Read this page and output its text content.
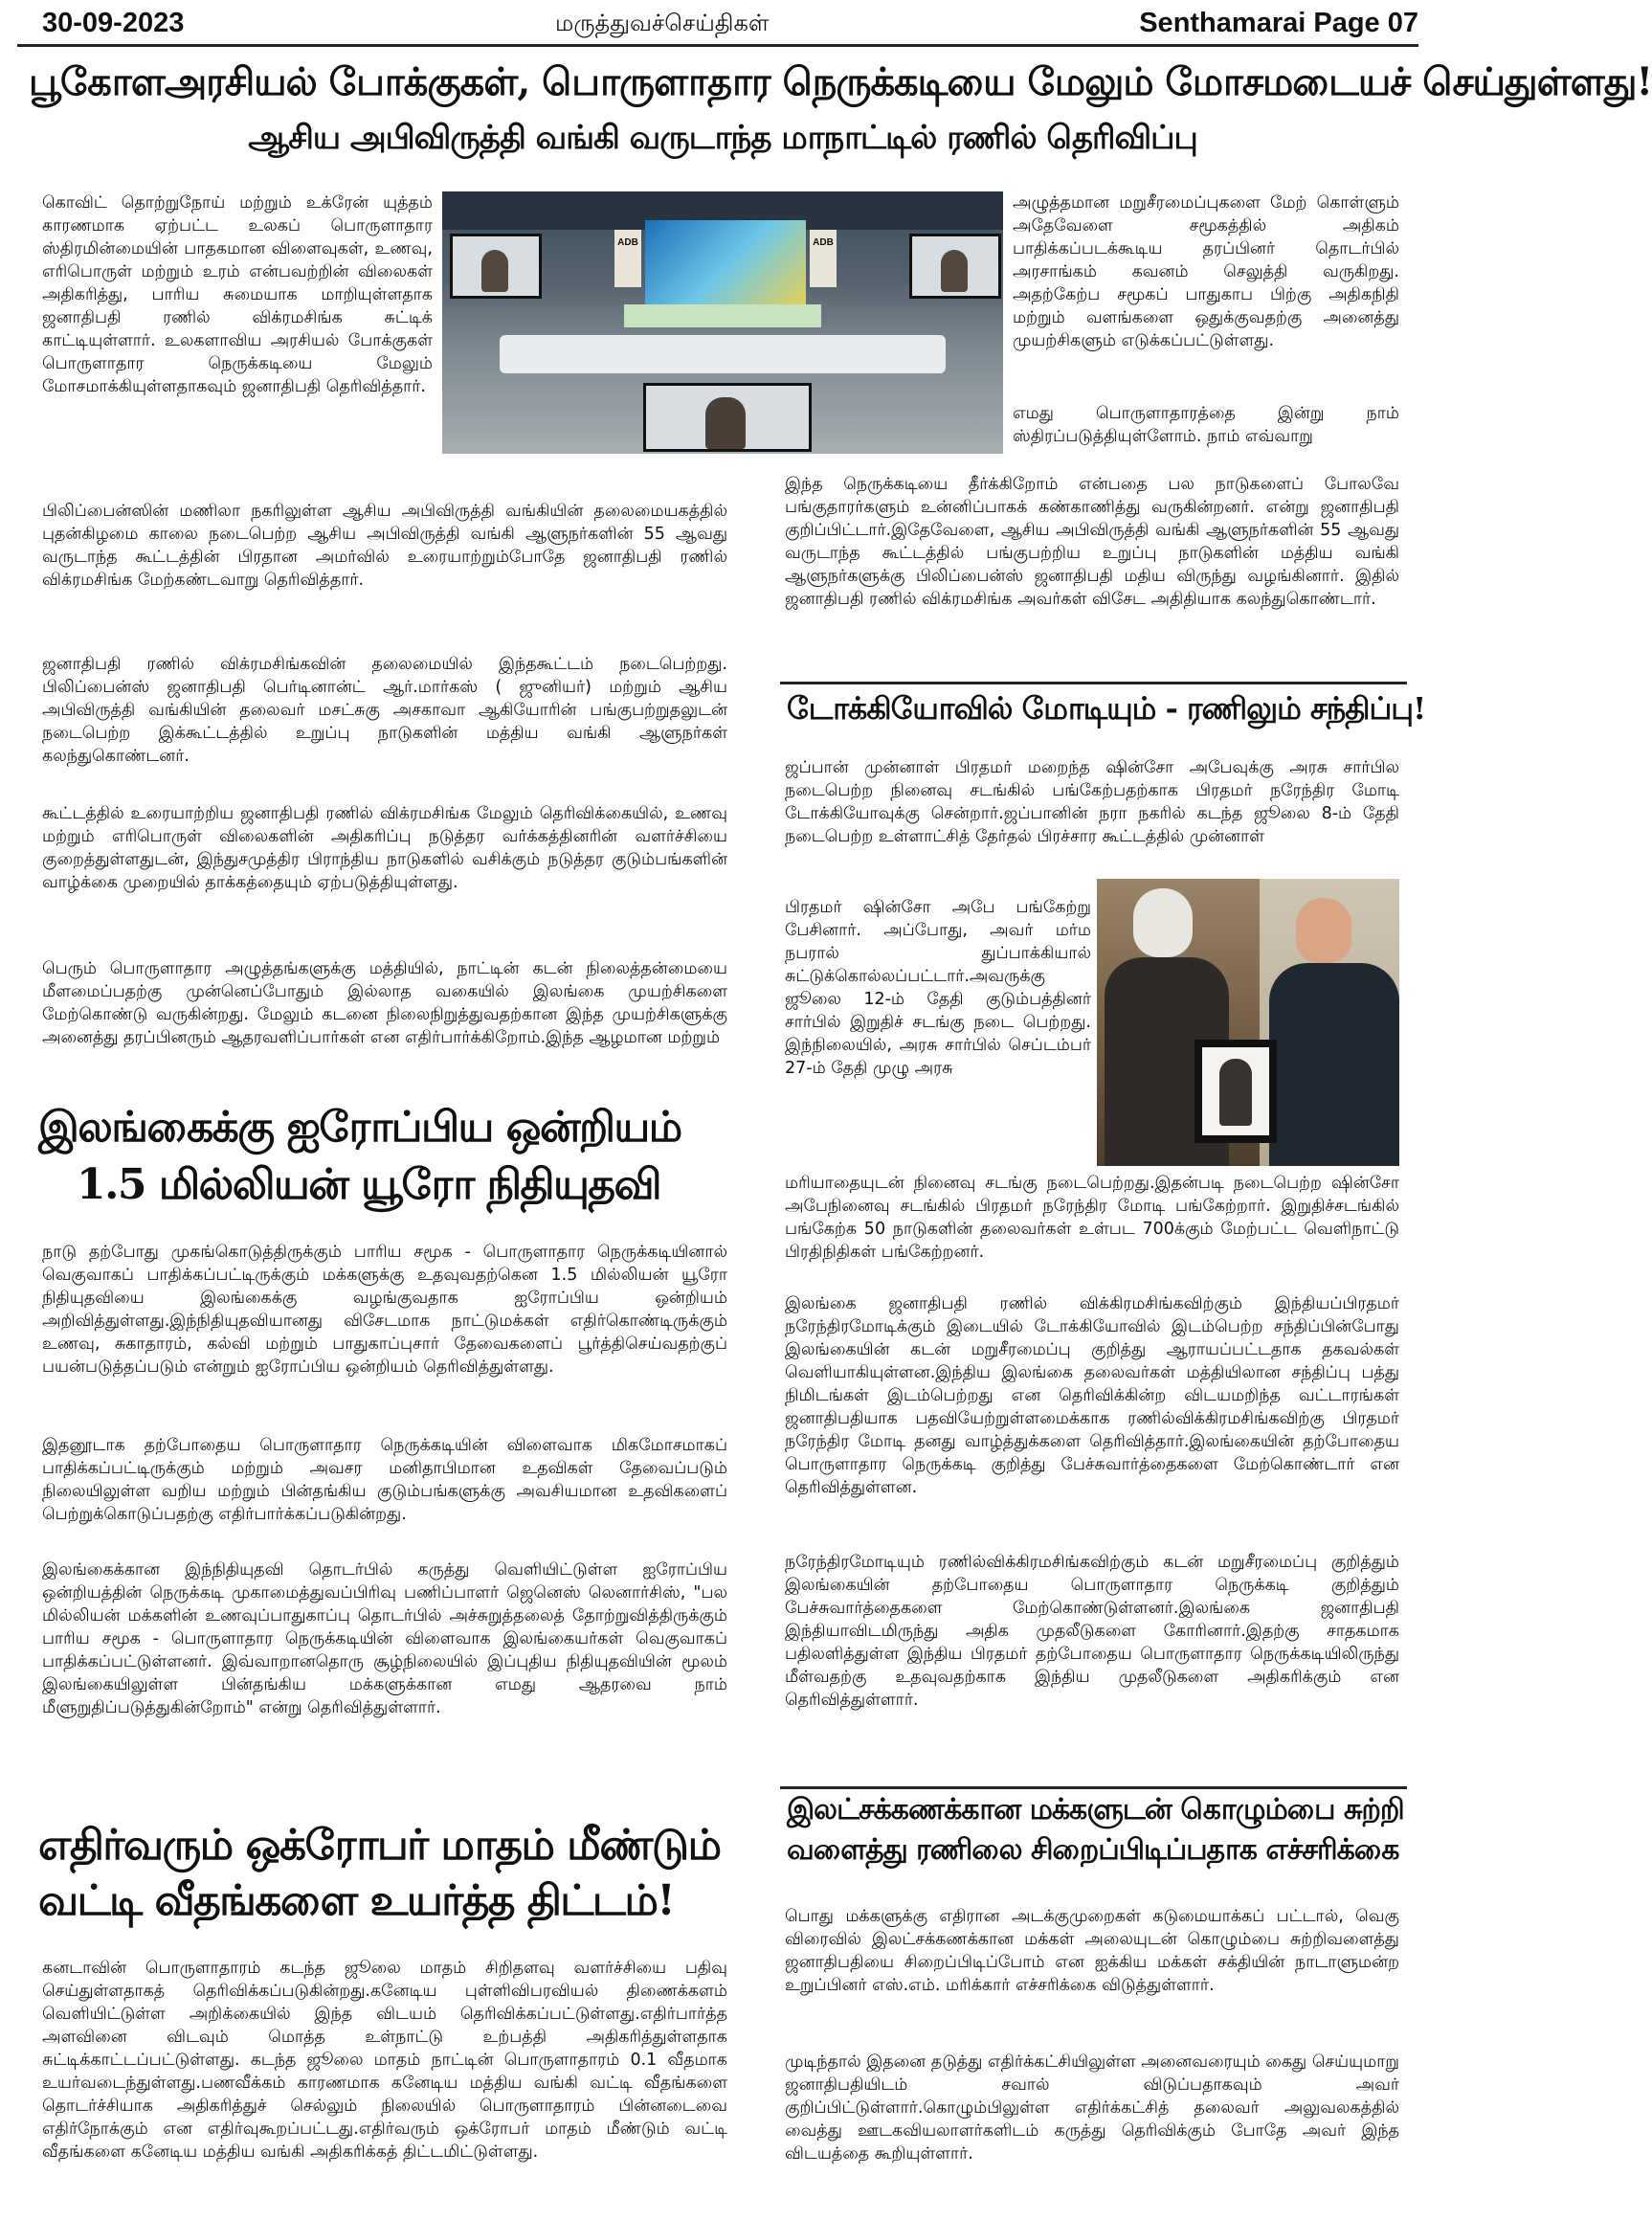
30-09-2023	மருத்துவச்செய்திகள்	Senthamarai Page 07
பூகோளஅரசியல் போக்குகள், பொருளாதார நெருக்கடியை மேலும் மோசமடையச் செய்துள்ளது!
ஆசிய அபிவிருத்தி வங்கி வருடாந்த மாநாட்டில் ரணில் தெரிவிப்பு

கொவிட் தொற்றுநோய் மற்றும் உக்ரேன் யுத்தம் காரணமாக ஏற்பட்ட உலகப் பொருளாதார ஸ்திரமின்மையின் பாதகமான விளைவுகள், உணவு, எரிபொருள் மற்றும் உரம் என்பவற்றின் விலைகள் அதிகரித்து, பாரிய சுமையாக மாறியுள்ளதாக ஜனாதிபதி ரணில் விக்ரமசிங்க சுட்டிக் காட்டியுள்ளார். உலகளாவிய அரசியல் போக்குகள் பொருளாதார நெருக்கடியை மேலும் மோசமாக்கியுள்ளதாகவும் ஜனாதிபதி தெரிவித்தார்.

ADB	ADB

பிலிப்பைன்ஸின் மணிலா நகரிலுள்ள ஆசிய அபிவிருத்தி வங்கியின் தலைமையகத்தில் புதன்கிழமை காலை நடைபெற்ற ஆசிய அபிவிருத்தி வங்கி ஆளுநர்களின் 55 ஆவது வருடாந்த கூட்டத்தின் பிரதான அமர்வில் உரையாற்றும்போதே ஜனாதிபதி ரணில் விக்ரமசிங்க மேற்கண்டவாறு தெரிவித்தார்.

ஜனாதிபதி ரணில் விக்ரமசிங்கவின் தலைமையில் இந்தகூட்டம் நடைபெற்றது. பிலிப்பைன்ஸ் ஜனாதிபதி பெர்டினான்ட் ஆர்.மார்கஸ் ( ஜுனியர்) மற்றும் ஆசிய அபிவிருத்தி வங்கியின் தலைவர் மசட்சுகு அசகாவா ஆகியோரின் பங்குபற்றுதலுடன் நடைபெற்ற இக்கூட்டத்தில் உறுப்பு நாடுகளின் மத்திய வங்கி ஆளுநர்கள் கலந்துகொண்டனர்.

கூட்டத்தில் உரையாற்றிய ஜனாதிபதி ரணில் விக்ரமசிங்க மேலும் தெரிவிக்கையில், உணவு மற்றும் எரிபொருள் விலைகளின் அதிகரிப்பு நடுத்தர வர்க்கத்தினரின் வளர்ச்சியை குறைத்துள்ளதுடன், இந்துசமுத்திர பிராந்திய நாடுகளில் வசிக்கும் நடுத்தர குடும்பங்களின் வாழ்க்கை முறையில் தாக்கத்தையும் ஏற்படுத்தியுள்ளது.

பெரும் பொருளாதார அழுத்தங்களுக்கு மத்தியில், நாட்டின் கடன் நிலைத்தன்மையை மீளமைப்பதற்கு முன்னெப்போதும் இல்லாத வகையில் இலங்கை முயற்சிகளை மேற்கொண்டு வருகின்றது. மேலும் கடனை நிலைநிறுத்துவதற்கான இந்த முயற்சிகளுக்கு அனைத்து தரப்பினரும் ஆதரவளிப்பார்கள் என எதிர்பார்க்கிறோம்.இந்த ஆழமான மற்றும்

அழுத்தமான மறுசீரமைப்புகளை மேற் கொள்ளும் அதேவேளை சமூகத்தில் அதிகம் பாதிக்கப்படக்கூடிய தரப்பினர் தொடர்பில் அரசாங்கம் கவனம் செலுத்தி வருகிறது. அதற்கேற்ப சமூகப் பாதுகாப பிற்கு அதிகநிதி மற்றும் வளங்களை ஒதுக்குவதற்கு அனைத்து முயற்சிகளும் எடுக்கப்பட்டுள்ளது.

எமது பொருளாதாரத்தை இன்று நாம் ஸ்திரப்படுத்தியுள்ளோம். நாம் எவ்வாறு

இந்த நெருக்கடியை தீர்க்கிறோம் என்பதை பல நாடுகளைப் போலவே பங்குதாரர்களும் உன்னிப்பாகக் கண்காணித்து வருகின்றனர். என்று ஜனாதிபதி குறிப்பிட்டார்.இதேவேளை, ஆசிய அபிவிருத்தி வங்கி ஆளுநர்களின் 55 ஆவது வருடாந்த கூட்டத்தில் பங்குபற்றிய உறுப்பு நாடுகளின் மத்திய வங்கி ஆளுநர்களுக்கு பிலிப்பைன்ஸ் ஜனாதிபதி மதிய விருந்து வழங்கினார். இதில் ஜனாதிபதி ரணில் விக்ரமசிங்க அவர்கள் விசேட அதிதியாக கலந்துகொண்டார்.

இலங்கைக்கு ஐரோப்பிய ஒன்றியம்
1.5 மில்லியன் யூரோ நிதியுதவி

நாடு தற்போது முகங்கொடுத்திருக்கும் பாரிய சமூக - பொருளாதார நெருக்கடியினால் வெகுவாகப் பாதிக்கப்பட்டிருக்கும் மக்களுக்கு உதவுவதற்கென 1.5 மில்லியன் யூரோ நிதியுதவியை இலங்கைக்கு வழங்குவதாக ஐரோப்பிய ஒன்றியம் அறிவித்துள்ளது.இந்நிதியுதவியானது விசேடமாக நாட்டுமக்கள் எதிர்கொண்டிருக்கும் உணவு, சுகாதாரம், கல்வி மற்றும் பாதுகாப்புசார் தேவைகளைப் பூர்த்திசெய்வதற்குப் பயன்படுத்தப்படும் என்றும் ஐரோப்பிய ஒன்றியம் தெரிவித்துள்ளது.

இதனூடாக தற்போதைய பொருளாதார நெருக்கடியின் விளைவாக மிகமோசமாகப் பாதிக்கப்பட்டிருக்கும் மற்றும் அவசர மனிதாபிமான உதவிகள் தேவைப்படும் நிலையிலுள்ள வறிய மற்றும் பின்தங்கிய குடும்பங்களுக்கு அவசியமான உதவிகளைப் பெற்றுக்கொடுப்பதற்கு எதிர்பார்க்கப்படுகின்றது.

இலங்கைக்கான இந்நிதியுதவி தொடர்பில் கருத்து வெளியிட்டுள்ள ஐரோப்பிய ஒன்றியத்தின் நெருக்கடி முகாமைத்துவப்பிரிவு பணிப்பாளர் ஜெனெஸ் லெனார்சிஸ், "பல மில்லியன் மக்களின் உணவுப்பாதுகாப்பு தொடர்பில் அச்சுறுத்தலைத் தோற்றுவித்திருக்கும் பாரிய சமூக - பொருளாதார நெருக்கடியின் விளைவாக இலங்கையர்கள் வெகுவாகப் பாதிக்கப்பட்டுள்ளனர். இவ்வாறானதொரு சூழ்நிலையில் இப்புதிய நிதியுதவியின் மூலம் இலங்கையிலுள்ள பின்தங்கிய மக்களுக்கான எமது ஆதரவை நாம் மீளுறுதிப்படுத்துகின்றோம்" என்று தெரிவித்துள்ளார்.

எதிர்வரும் ஒக்ரோபர் மாதம் மீண்டும்
வட்டி வீதங்களை உயர்த்த திட்டம்!

கனடாவின் பொருளாதாரம் கடந்த ஜூலை மாதம் சிறிதளவு வளர்ச்சியை பதிவு செய்துள்ளதாகத் தெரிவிக்கப்படுகின்றது.கனேடிய புள்ளிவிபரவியல் திணைக்களம் வெளியிட்டுள்ள அறிக்கையில் இந்த விடயம் தெரிவிக்கப்பட்டுள்ளது.எதிர்பார்த்த அளவினை விடவும் மொத்த உள்நாட்டு உற்பத்தி அதிகரித்துள்ளதாக சுட்டிக்காட்டப்பட்டுள்ளது. கடந்த ஜூலை மாதம் நாட்டின் பொருளாதாரம் 0.1 வீதமாக உயர்வடைந்துள்ளது.பணவீக்கம் காரணமாக கனேடிய மத்திய வங்கி வட்டி வீதங்களை தொடர்ச்சியாக அதிகரித்துச் செல்லும் நிலையில் பொருளாதாரம் பின்னடைவை எதிர்நோக்கும் என எதிர்வுகூறப்பட்டது.எதிர்வரும் ஒக்ரோபர் மாதம் மீண்டும் வட்டி வீதங்களை கனேடிய மத்திய வங்கி அதிகரிக்கத் திட்டமிட்டுள்ளது.

டோக்கியோவில் மோடியும் - ரணிலும் சந்திப்பு!

ஜப்பான் முன்னாள் பிரதமர் மறைந்த ஷின்சோ அபேவுக்கு அரசு சார்பில நடைபெற்ற நினைவு சடங்கில் பங்கேற்பதற்காக பிரதமர் நரேந்திர மோடி டோக்கியோவுக்கு சென்றார்.ஜப்பானின் நரா நகரில் கடந்த ஜூலை 8-ம் தேதி நடைபெற்ற உள்ளாட்சித் தேர்தல் பிரச்சார கூட்டத்தில் முன்னாள்

பிரதமர் ஷின்சோ அபே பங்கேற்று பேசினார். அப்போது, அவர் மர்ம நபரால் துப்பாக்கியால் சுட்டுக்கொல்லப்பட்டார்.அவருக்கு ஜூலை 12-ம் தேதி குடும்பத்தினர் சார்பில் இறுதிச் சடங்கு நடை பெற்றது. இந்நிலையில், அரசு சார்பில் செப்டம்பர் 27-ம் தேதி முழு அரசு

மரியாதையுடன் நினைவு சடங்கு நடைபெற்றது.இதன்படி நடைபெற்ற ஷின்சோ அபேநினைவு சடங்கில் பிரதமர் நரேந்திர மோடி பங்கேற்றார். இறுதிச்சடங்கில் பங்கேற்க 50 நாடுகளின் தலைவர்கள் உள்பட 700க்கும் மேற்பட்ட வெளிநாட்டு பிரதிநிதிகள் பங்கேற்றனர்.

இலங்கை ஜனாதிபதி ரணில் விக்கிரமசிங்கவிற்கும் இந்தியப்பிரதமர் நரேந்திரமோடிக்கும் இடையில் டோக்கியோவில் இடம்பெற்ற சந்திப்பின்போது இலங்கையின் கடன் மறுசீரமைப்பு குறித்து ஆராயப்பட்டதாக தகவல்கள் வெளியாகியுள்ளன.இந்திய இலங்கை தலைவர்கள் மத்தியிலான சந்திப்பு பத்து நிமிடங்கள் இடம்பெற்றது என தெரிவிக்கின்ற விடயமறிந்த வட்டாரங்கள் ஜனாதிபதியாக பதவியேற்றுள்ளமைக்காக ரணில்விக்கிரமசிங்கவிற்கு பிரதமர் நரேந்திர மோடி தனது வாழ்த்துக்களை தெரிவித்தார்.இலங்கையின் தற்போதைய பொருளாதார நெருக்கடி குறித்து பேச்சுவார்த்தைகளை மேற்கொண்டார் என தெரிவித்துள்ளன.

நரேந்திரமோடியும் ரணில்விக்கிரமசிங்கவிற்கும் கடன் மறுசீரமைப்பு குறித்தும் இலங்கையின் தற்போதைய பொருளாதார நெருக்கடி குறித்தும் பேச்சுவார்த்தைகளை மேற்கொண்டுள்ளனர்.இலங்கை ஜனாதிபதி இந்தியாவிடமிருந்து அதிக முதலீடுகளை கோரினார்.இதற்கு சாதகமாக பதிலளித்துள்ள இந்திய பிரதமர் தற்போதைய பொருளாதார நெருக்கடியிலிருந்து மீள்வதற்கு உதவுவதற்காக இந்திய முதலீடுகளை அதிகரிக்கும் என தெரிவித்துள்ளார்.

இலட்சக்கணக்கான மக்களுடன் கொழும்பை சுற்றி
வளைத்து ரணிலை சிறைப்பிடிப்பதாக எச்சரிக்கை

பொது மக்களுக்கு எதிரான அடக்குமுறைகள் கடுமையாக்கப் பட்டால், வெகு விரைவில் இலட்சக்கணக்கான மக்கள் அலையுடன் கொழும்பை சுற்றிவளைத்து ஜனாதிபதியை சிறைப்பிடிப்போம் என ஐக்கிய மக்கள் சக்தியின் நாடாளுமன்ற உறுப்பினர் எஸ்.எம். மரிக்கார் எச்சரிக்கை விடுத்துள்ளார்.

முடிந்தால் இதனை தடுத்து எதிர்க்கட்சியிலுள்ள அனைவரையும் கைது செய்யுமாறு ஜனாதிபதியிடம் சவால் விடுப்பதாகவும் அவர் குறிப்பிட்டுள்ளார்.கொழும்பிலுள்ள எதிர்க்கட்சித் தலைவர் அலுவலகத்தில் வைத்து ஊடகவியலாளர்களிடம் கருத்து தெரிவிக்கும் போதே அவர் இந்த விடயத்தை கூறியுள்ளார்.
